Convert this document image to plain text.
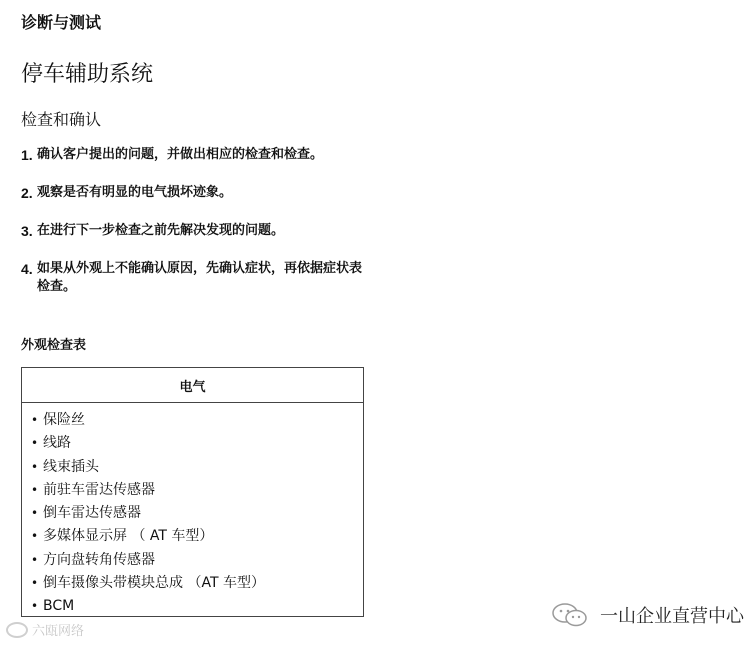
诊断与测试
停车辅助系统
检查和确认
1. 确认客户提出的问题，并做出相应的检查和检查。
2. 观察是否有明显的电气损坏迹象。
3. 在进行下一步检查之前先解决发现的问题。
4. 如果从外观上不能确认原因，先确认症状，再依据症状表检查。
外观检查表
电气
• 保险丝
• 线路
• 线束插头
• 前驻车雷达传感器
• 倒车雷达传感器
• 多媒体显示屏 （ AT 车型）
• 方向盘转角传感器
• 倒车摄像头带模块总成 （AT 车型）
• BCM
六瓯网络
一山企业直营中心
